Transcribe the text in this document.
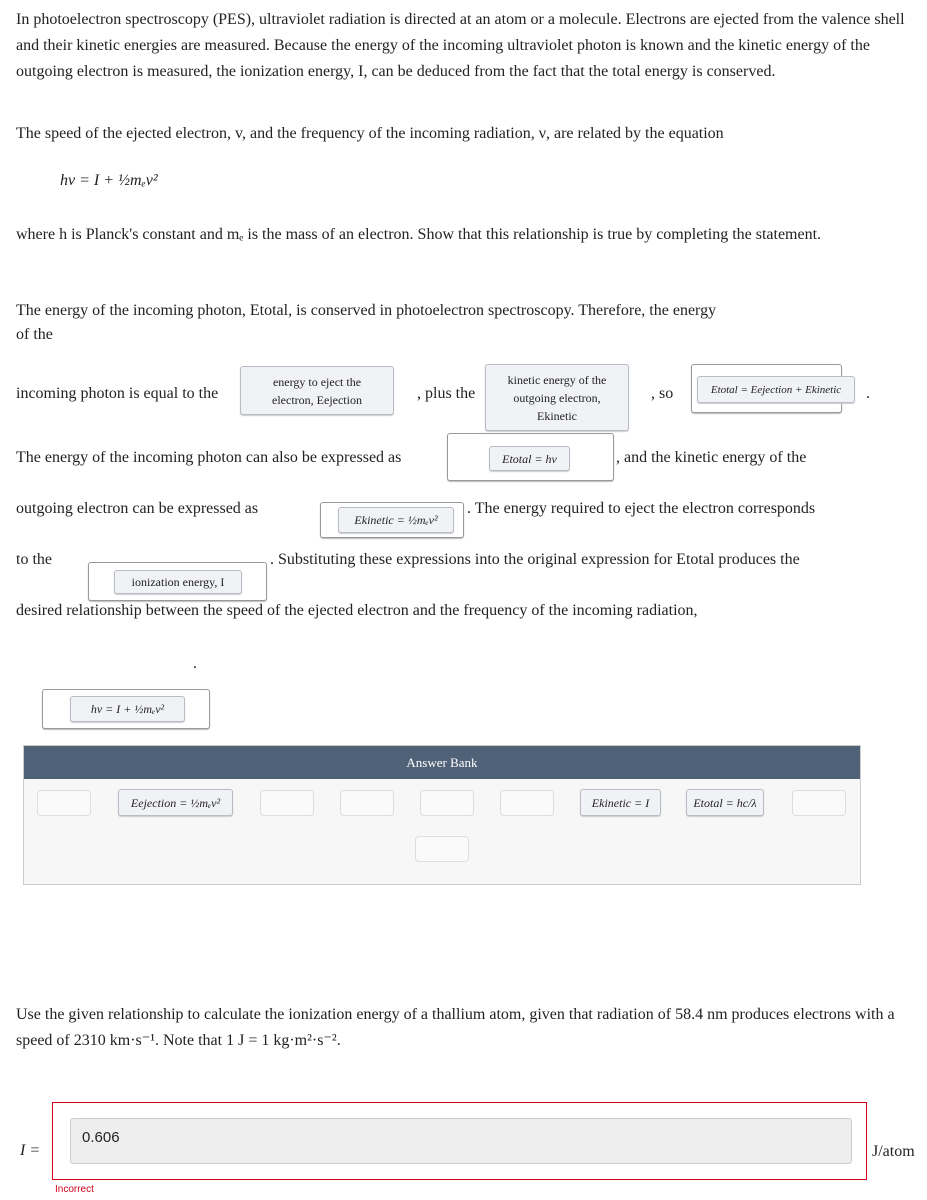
In photoelectron spectroscopy (PES), ultraviolet radiation is directed at an atom or a molecule. Electrons are ejected from the valence shell and their kinetic energies are measured. Because the energy of the incoming ultraviolet photon is known and the kinetic energy of the outgoing electron is measured, the ionization energy, I, can be deduced from the fact that the total energy is conserved.

The speed of the ejected electron, v, and the frequency of the incoming radiation, ν, are related by the equation

hν = I + ½mₑv²

where h is Planck's constant and mₑ is the mass of an electron. Show that this relationship is true by completing the statement.

The energy of the incoming photon, Etotal, is conserved in photoelectron spectroscopy. Therefore, the energy

of the
incoming photon is equal to the
energy to eject the electron, Eejection	, plus the
kinetic energy of the outgoing electron, Ekinetic
, so	Etotal = Eejection + Ekinetic	.
The energy of the incoming photon can also be expressed as	Etotal = hν	, and the kinetic energy of the
outgoing electron can be expressed as
Ekinetic = ½mₑv²
. The energy required to eject the electron corresponds
to the
ionization energy, I
. Substituting these expressions into the original expression for Etotal produces the
desired relationship between the speed of the ejected electron and the frequency of the incoming radiation,
.
hν = I + ½mₑv²
Answer Bank
Eejection = ½mₑv²	Ekinetic = I	Etotal = hc/λ

Use the given relationship to calculate the ionization energy of a thallium atom, given that radiation of 58.4 nm produces electrons with a speed of 2310 km·s⁻¹. Note that 1 J = 1 kg·m²·s⁻².

I =
0.606
J/atom
Incorrect
